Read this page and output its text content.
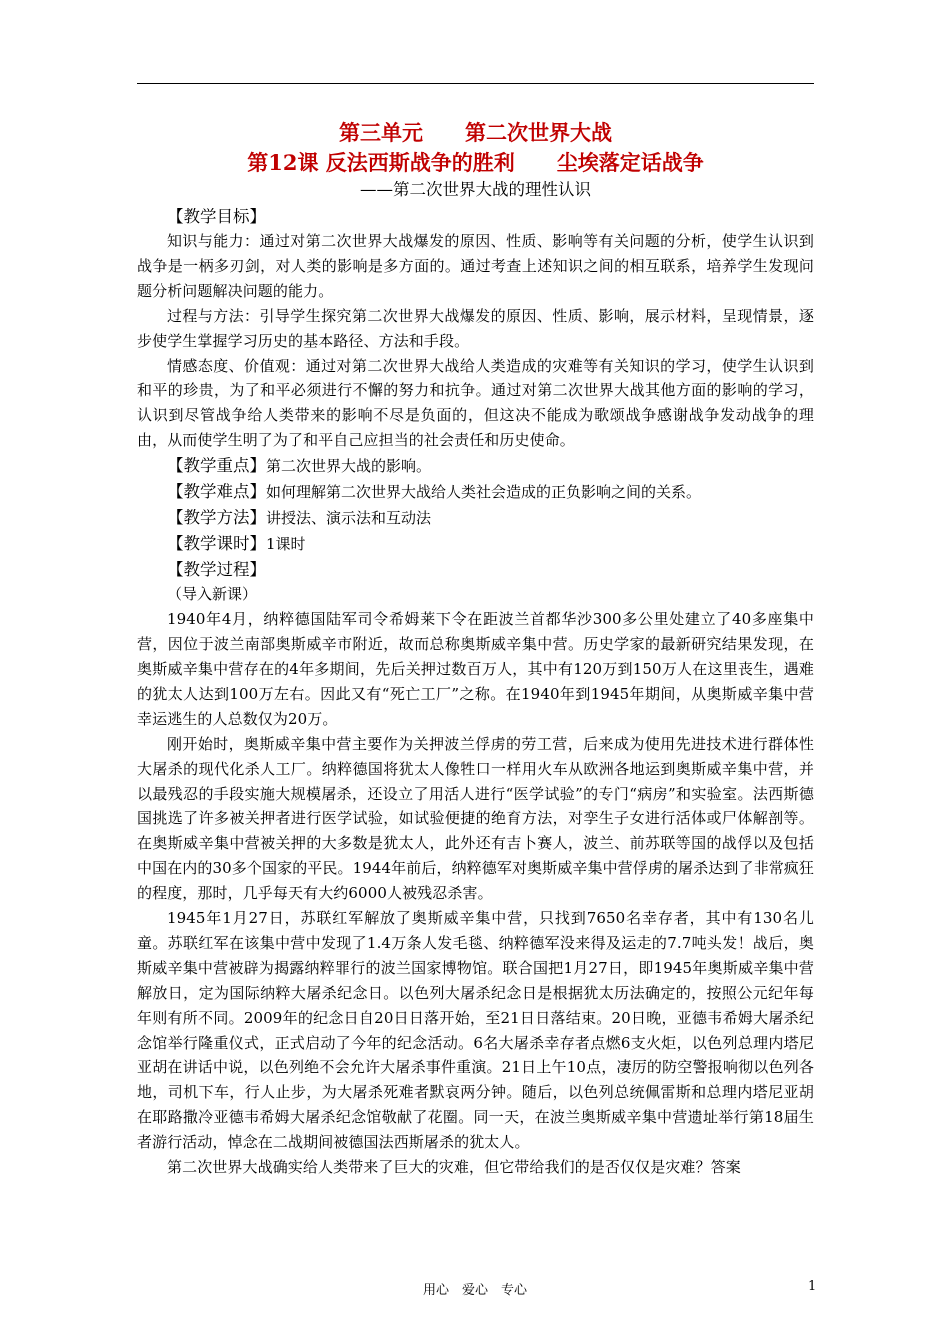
第三单元　　第二次世界大战

第12课 反法西斯战争的胜利　　尘埃落定话战争

——第二次世界大战的理性认识

【教学目标】

知识与能力：通过对第二次世界大战爆发的原因、性质、影响等有关问题的分析，使学生认识到战争是一柄多刃剑，对人类的影响是多方面的。通过考查上述知识之间的相互联系，培养学生发现问题分析问题解决问题的能力。

过程与方法：引导学生探究第二次世界大战爆发的原因、性质、影响，展示材料，呈现情景，逐步使学生掌握学习历史的基本路径、方法和手段。

情感态度、价值观：通过对第二次世界大战给人类造成的灾难等有关知识的学习，使学生认识到和平的珍贵，为了和平必须进行不懈的努力和抗争。通过对第二次世界大战其他方面的影响的学习，认识到尽管战争给人类带来的影响不尽是负面的，但这决不能成为歌颂战争感谢战争发动战争的理由，从而使学生明了为了和平自己应担当的社会责任和历史使命。

【教学重点】第二次世界大战的影响。

【教学难点】如何理解第二次世界大战给人类社会造成的正负影响之间的关系。

【教学方法】讲授法、演示法和互动法

【教学课时】1课时

【教学过程】

（导入新课）

1940年4月，纳粹德国陆军司令希姆莱下令在距波兰首都华沙300多公里处建立了40多座集中营，因位于波兰南部奥斯威辛市附近，故而总称奥斯威辛集中营。历史学家的最新研究结果发现，在奥斯威辛集中营存在的4年多期间，先后关押过数百万人，其中有120万到150万人在这里丧生，遇难的犹太人达到100万左右。因此又有“死亡工厂”之称。在1940年到1945年期间，从奥斯威辛集中营幸运逃生的人总数仅为20万。

刚开始时，奥斯威辛集中营主要作为关押波兰俘虏的劳工营，后来成为使用先进技术进行群体性大屠杀的现代化杀人工厂。纳粹德国将犹太人像牲口一样用火车从欧洲各地运到奥斯威辛集中营，并以最残忍的手段实施大规模屠杀，还设立了用活人进行“医学试验”的专门“病房”和实验室。法西斯德国挑选了许多被关押者进行医学试验，如试验便捷的绝育方法，对孪生子女进行活体或尸体解剖等。在奥斯威辛集中营被关押的大多数是犹太人，此外还有吉卜赛人，波兰、前苏联等国的战俘以及包括中国在内的30多个国家的平民。1944年前后，纳粹德军对奥斯威辛集中营俘虏的屠杀达到了非常疯狂的程度，那时，几乎每天有大约6000人被残忍杀害。

1945年1月27日，苏联红军解放了奥斯威辛集中营，只找到7650名幸存者，其中有130名儿童。苏联红军在该集中营中发现了1.4万条人发毛毯、纳粹德军没来得及运走的7.7吨头发！战后，奥斯威辛集中营被辟为揭露纳粹罪行的波兰国家博物馆。联合国把1月27日，即1945年奥斯威辛集中营解放日，定为国际纳粹大屠杀纪念日。以色列大屠杀纪念日是根据犹太历法确定的，按照公元纪年每年则有所不同。2009年的纪念日自20日日落开始，至21日日落结束。20日晚，亚德韦希姆大屠杀纪念馆举行隆重仪式，正式启动了今年的纪念活动。6名大屠杀幸存者点燃6支火炬，以色列总理内塔尼亚胡在讲话中说，以色列绝不会允许大屠杀事件重演。21日上午10点，凄厉的防空警报响彻以色列各地，司机下车，行人止步，为大屠杀死难者默哀两分钟。随后，以色列总统佩雷斯和总理内塔尼亚胡在耶路撒冷亚德韦希姆大屠杀纪念馆敬献了花圈。同一天，在波兰奥斯威辛集中营遗址举行第18届生者游行活动，悼念在二战期间被德国法西斯屠杀的犹太人。

第二次世界大战确实给人类带来了巨大的灾难，但它带给我们的是否仅仅是灾难？答案

用心　爱心　专心	1
